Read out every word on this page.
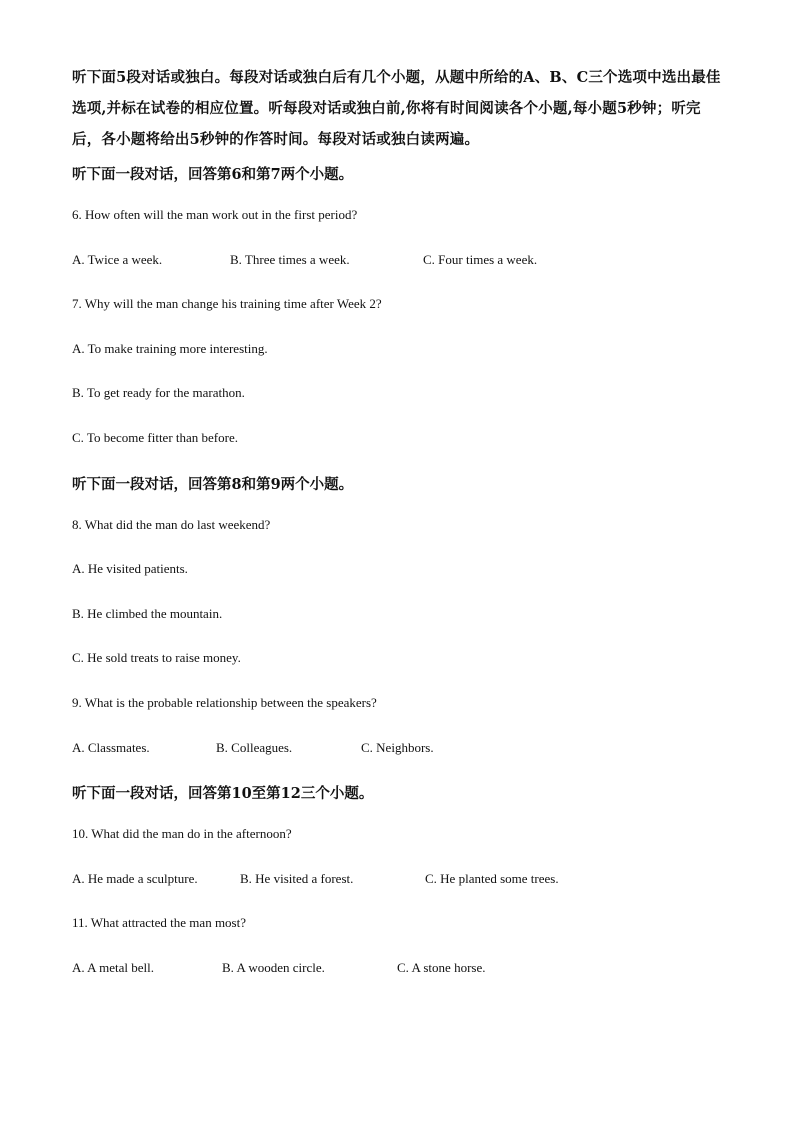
听下面5段对话或独白。每段对话或独白后有几个小题，从题中所给的A、B、C三个选项中选出最佳选项,并标在试卷的相应位置。听每段对话或独白前,你将有时间阅读各个小题,每小题5秒钟；听完后，各小题将给出5秒钟的作答时间。每段对话或独白读两遍。

听下面一段对话，回答第6和第7两个小题。

6. How often will the man work out in the first period?

A. Twice a week.	B. Three times a week.	C. Four times a week.

7. Why will the man change his training time after Week 2?

A. To make training more interesting.

B. To get ready for the marathon.

C. To become fitter than before.

听下面一段对话，回答第8和第9两个小题。

8. What did the man do last weekend?

A. He visited patients.

B. He climbed the mountain.

C. He sold treats to raise money.

9. What is the probable relationship between the speakers?

A. Classmates.	B. Colleagues.	C. Neighbors.

听下面一段对话，回答第10至第12三个小题。

10. What did the man do in the afternoon?

A. He made a sculpture.	B. He visited a forest.	C. He planted some trees.

11. What attracted the man most?

A. A metal bell.	B. A wooden circle.	C. A stone horse.
